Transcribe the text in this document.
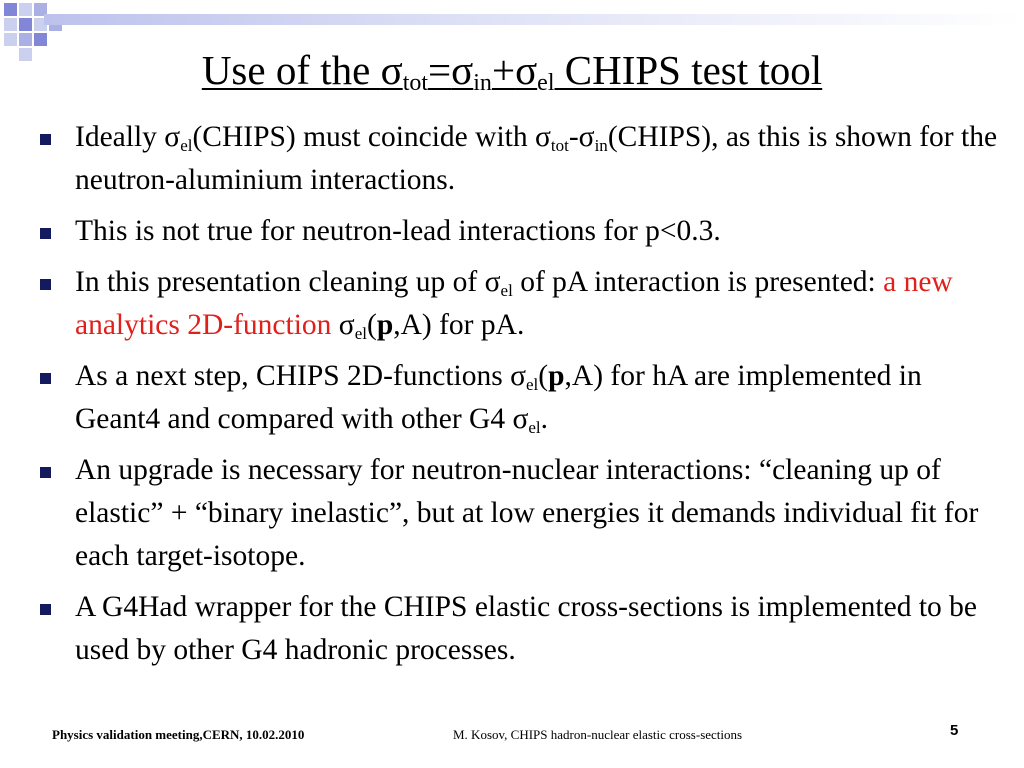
Use of the $\sigma_{tot}=\sigma_{in}+\sigma_{el}$ CHIPS test tool
Ideally $\sigma_{el}(CHIPS)$ must coincide with $\sigma_{tot}-\sigma_{in}(CHIPS)$, as this is shown for the neutron-aluminium interactions.
This is not true for neutron-lead interactions for p<0.3.
In this presentation cleaning up of $\sigma_{el}$ of pA interaction is presented: a new analytics 2D-function $\sigma_{el}(p,A)$ for pA.
As a next step, CHIPS 2D-functions $\sigma_{el}(p,A)$ for hA are implemented in Geant4 and compared with other G4 $\sigma_{el}$.
An upgrade is necessary for neutron-nuclear interactions: “cleaning up of elastic” + “binary inelastic”, but at low energies it demands individual fit for each target-isotope.
A G4Had wrapper for the CHIPS elastic cross-sections is implemented to be used by other G4 hadronic processes.
Physics validation meeting,CERN, 10.02.2010	M. Kosov, CHIPS hadron-nuclear elastic cross-sections	5
